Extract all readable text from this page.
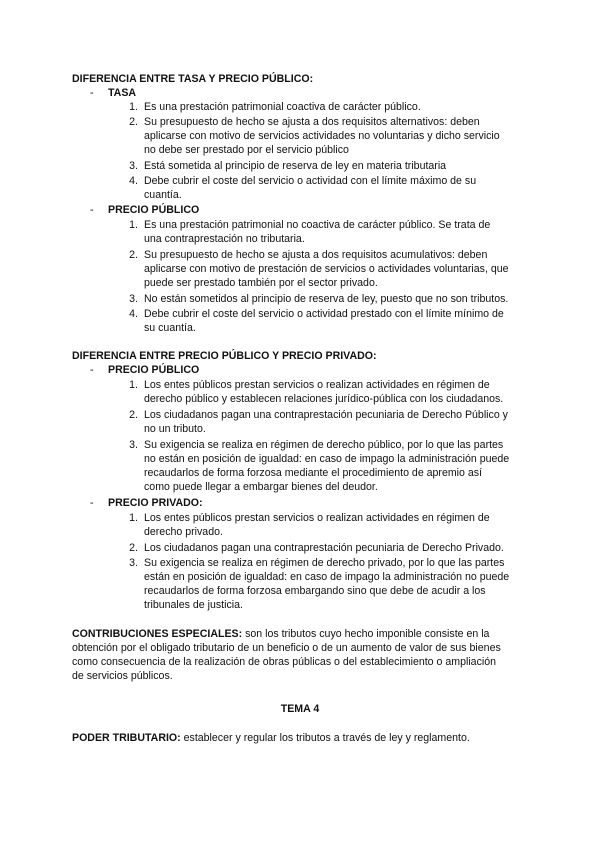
DIFERENCIA ENTRE TASA Y PRECIO PÚBLICO:
- TASA
1. Es una prestación patrimonial coactiva de carácter público.
2. Su presupuesto de hecho se ajusta a dos requisitos alternativos: deben
aplicarse con motivo de servicios actividades no voluntarias y dicho servicio
no debe ser prestado por el servicio público
3. Está sometida al principio de reserva de ley en materia tributaria
4. Debe cubrir el coste del servicio o actividad con el límite máximo de su
cuantía.
- PRECIO PÚBLICO
1. Es una prestación patrimonial no coactiva de carácter público. Se trata de
una contraprestación no tributaria.
2. Su presupuesto de hecho se ajusta a dos requisitos acumulativos: deben
aplicarse con motivo de prestación de servicios o actividades voluntarias, que
puede ser prestado también por el sector privado.
3. No están sometidos al principio de reserva de ley, puesto que no son tributos.
4. Debe cubrir el coste del servicio o actividad prestado con el límite mínimo de
su cuantía.
DIFERENCIA ENTRE PRECIO PÚBLICO Y PRECIO PRIVADO:
- PRECIO PÚBLICO
1. Los entes públicos prestan servicios o realizan actividades en régimen de
derecho público y establecen relaciones jurídico-pública con los ciudadanos.
2. Los ciudadanos pagan una contraprestación pecuniaria de Derecho Público y
no un tributo.
3. Su exigencia se realiza en régimen de derecho público, por lo que las partes
no están en posición de igualdad: en caso de impago la administración puede
recaudarlos de forma forzosa mediante el procedimiento de apremio así
como puede llegar a embargar bienes del deudor.
- PRECIO PRIVADO:
1. Los entes públicos prestan servicios o realizan actividades en régimen de
derecho privado.
2. Los ciudadanos pagan una contraprestación pecuniaria de Derecho Privado.
3. Su exigencia se realiza en régimen de derecho privado, por lo que las partes
están en posición de igualdad: en caso de impago la administración no puede
recaudarlos de forma forzosa embargando sino que debe de acudir a los
tribunales de justicia.
CONTRIBUCIONES ESPECIALES: son los tributos cuyo hecho imponible consiste en la
obtención por el obligado tributario de un beneficio o de un aumento de valor de sus bienes
como consecuencia de la realización de obras públicas o del establecimiento o ampliación
de servicios públicos.
TEMA 4
PODER TRIBUTARIO: establecer y regular los tributos a través de ley y reglamento.
